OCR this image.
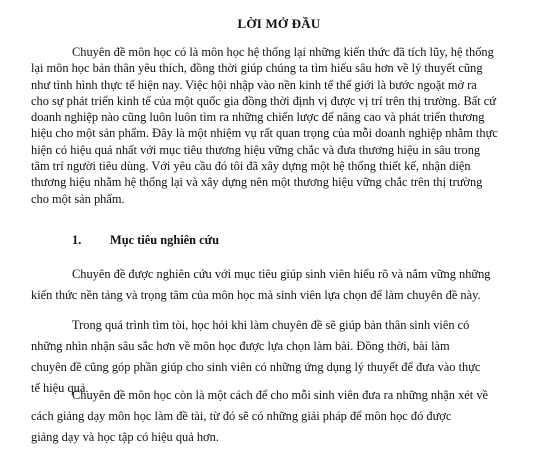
LỜI MỞ ĐẦU
Chuyên đề môn học có là môn học hệ thống lại những kiến thức đã tích lũy, hệ thống
lại môn học bản thân yêu thích, đồng thời giúp chúng ta tìm hiểu sâu hơn về lý thuyết cũng
như tình hình thực tế hiện nay. Việc hội nhập vào nền kinh tế thế giới là bước ngoặt mở ra
cho sự phát triển kinh tế của một quốc gia đồng thời định vị được vị trí trên thị trường. Bất cứ
doanh nghiệp nào cũng luôn luôn tìm ra những chiến lược để nâng cao và phát triển thương
hiệu cho một sản phẩm. Đây là một nhiệm vụ rất quan trọng của mỗi doanh nghiệp nhằm thực
hiện có hiệu quả nhất với mục tiêu thương hiệu vững chắc và đưa thương hiệu in sâu trong
tâm trí người tiêu dùng. Với yêu cầu đó tôi đã xây dựng một hệ thống thiết kế, nhận diện
thương hiệu nhằm hệ thống lại và xây dựng nên một thương hiệu vững chắc trên thị trường
cho một sản phẩm.
1. Mục tiêu nghiên cứu
Chuyên đề được nghiên cứu với mục tiêu giúp sinh viên hiểu rõ và nắm vững những
kiến thức nền tảng và trọng tâm của môn học mà sinh viên lựa chọn để làm chuyên đề này.
Trong quá trình tìm tòi, học hỏi khi làm chuyên đề sẽ giúp bản thân sinh viên có
những nhìn nhận sâu sắc hơn về môn học được lựa chọn làm bài. Đồng thời, bài làm
chuyên đề cũng góp phần giúp cho sinh viên có những ứng dụng lý thuyết để đưa vào thực
tế hiệu quả.
Chuyên đề môn học còn là một cách để cho mỗi sinh viên đưa ra những nhận xét về
cách giảng dạy môn học làm đề tài, từ đó sẽ có những giải pháp để môn học đó được
giảng dạy và học tập có hiệu quả hơn.
